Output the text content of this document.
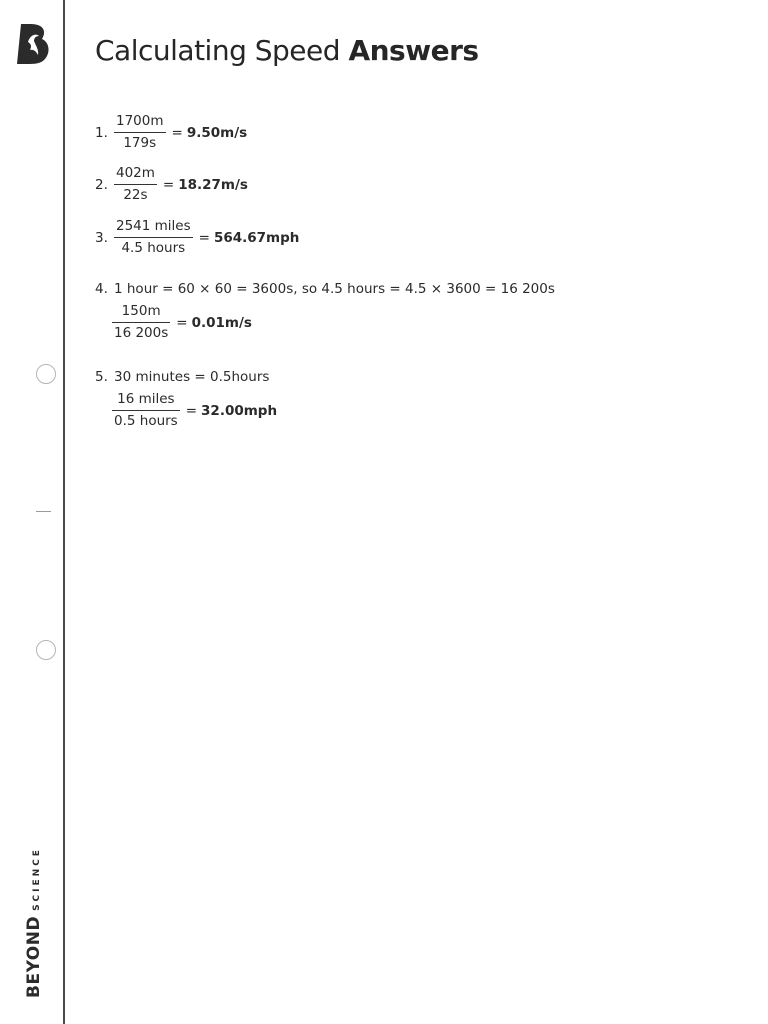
BEYOND
SCIENCE
Calculating Speed Answers
1. $\frac{1700m}{179s} = 9.50m/s$
2. $\frac{402m}{22s} = 18.27m/s$
3. $\frac{\text{2541 miles}}{\text{4.5 hours}} = 564.67mph$
4. 1 hour = 60 × 60 = 3600s, so 4.5 hours = 4.5 × 3600 = 16 200s
$\frac{150m}{16 200s} = 0.01m/s$
5. 30 minutes = 0.5hours
$\frac{\text{16 miles}}{\text{0.5 hours}} = 32.00mph$
